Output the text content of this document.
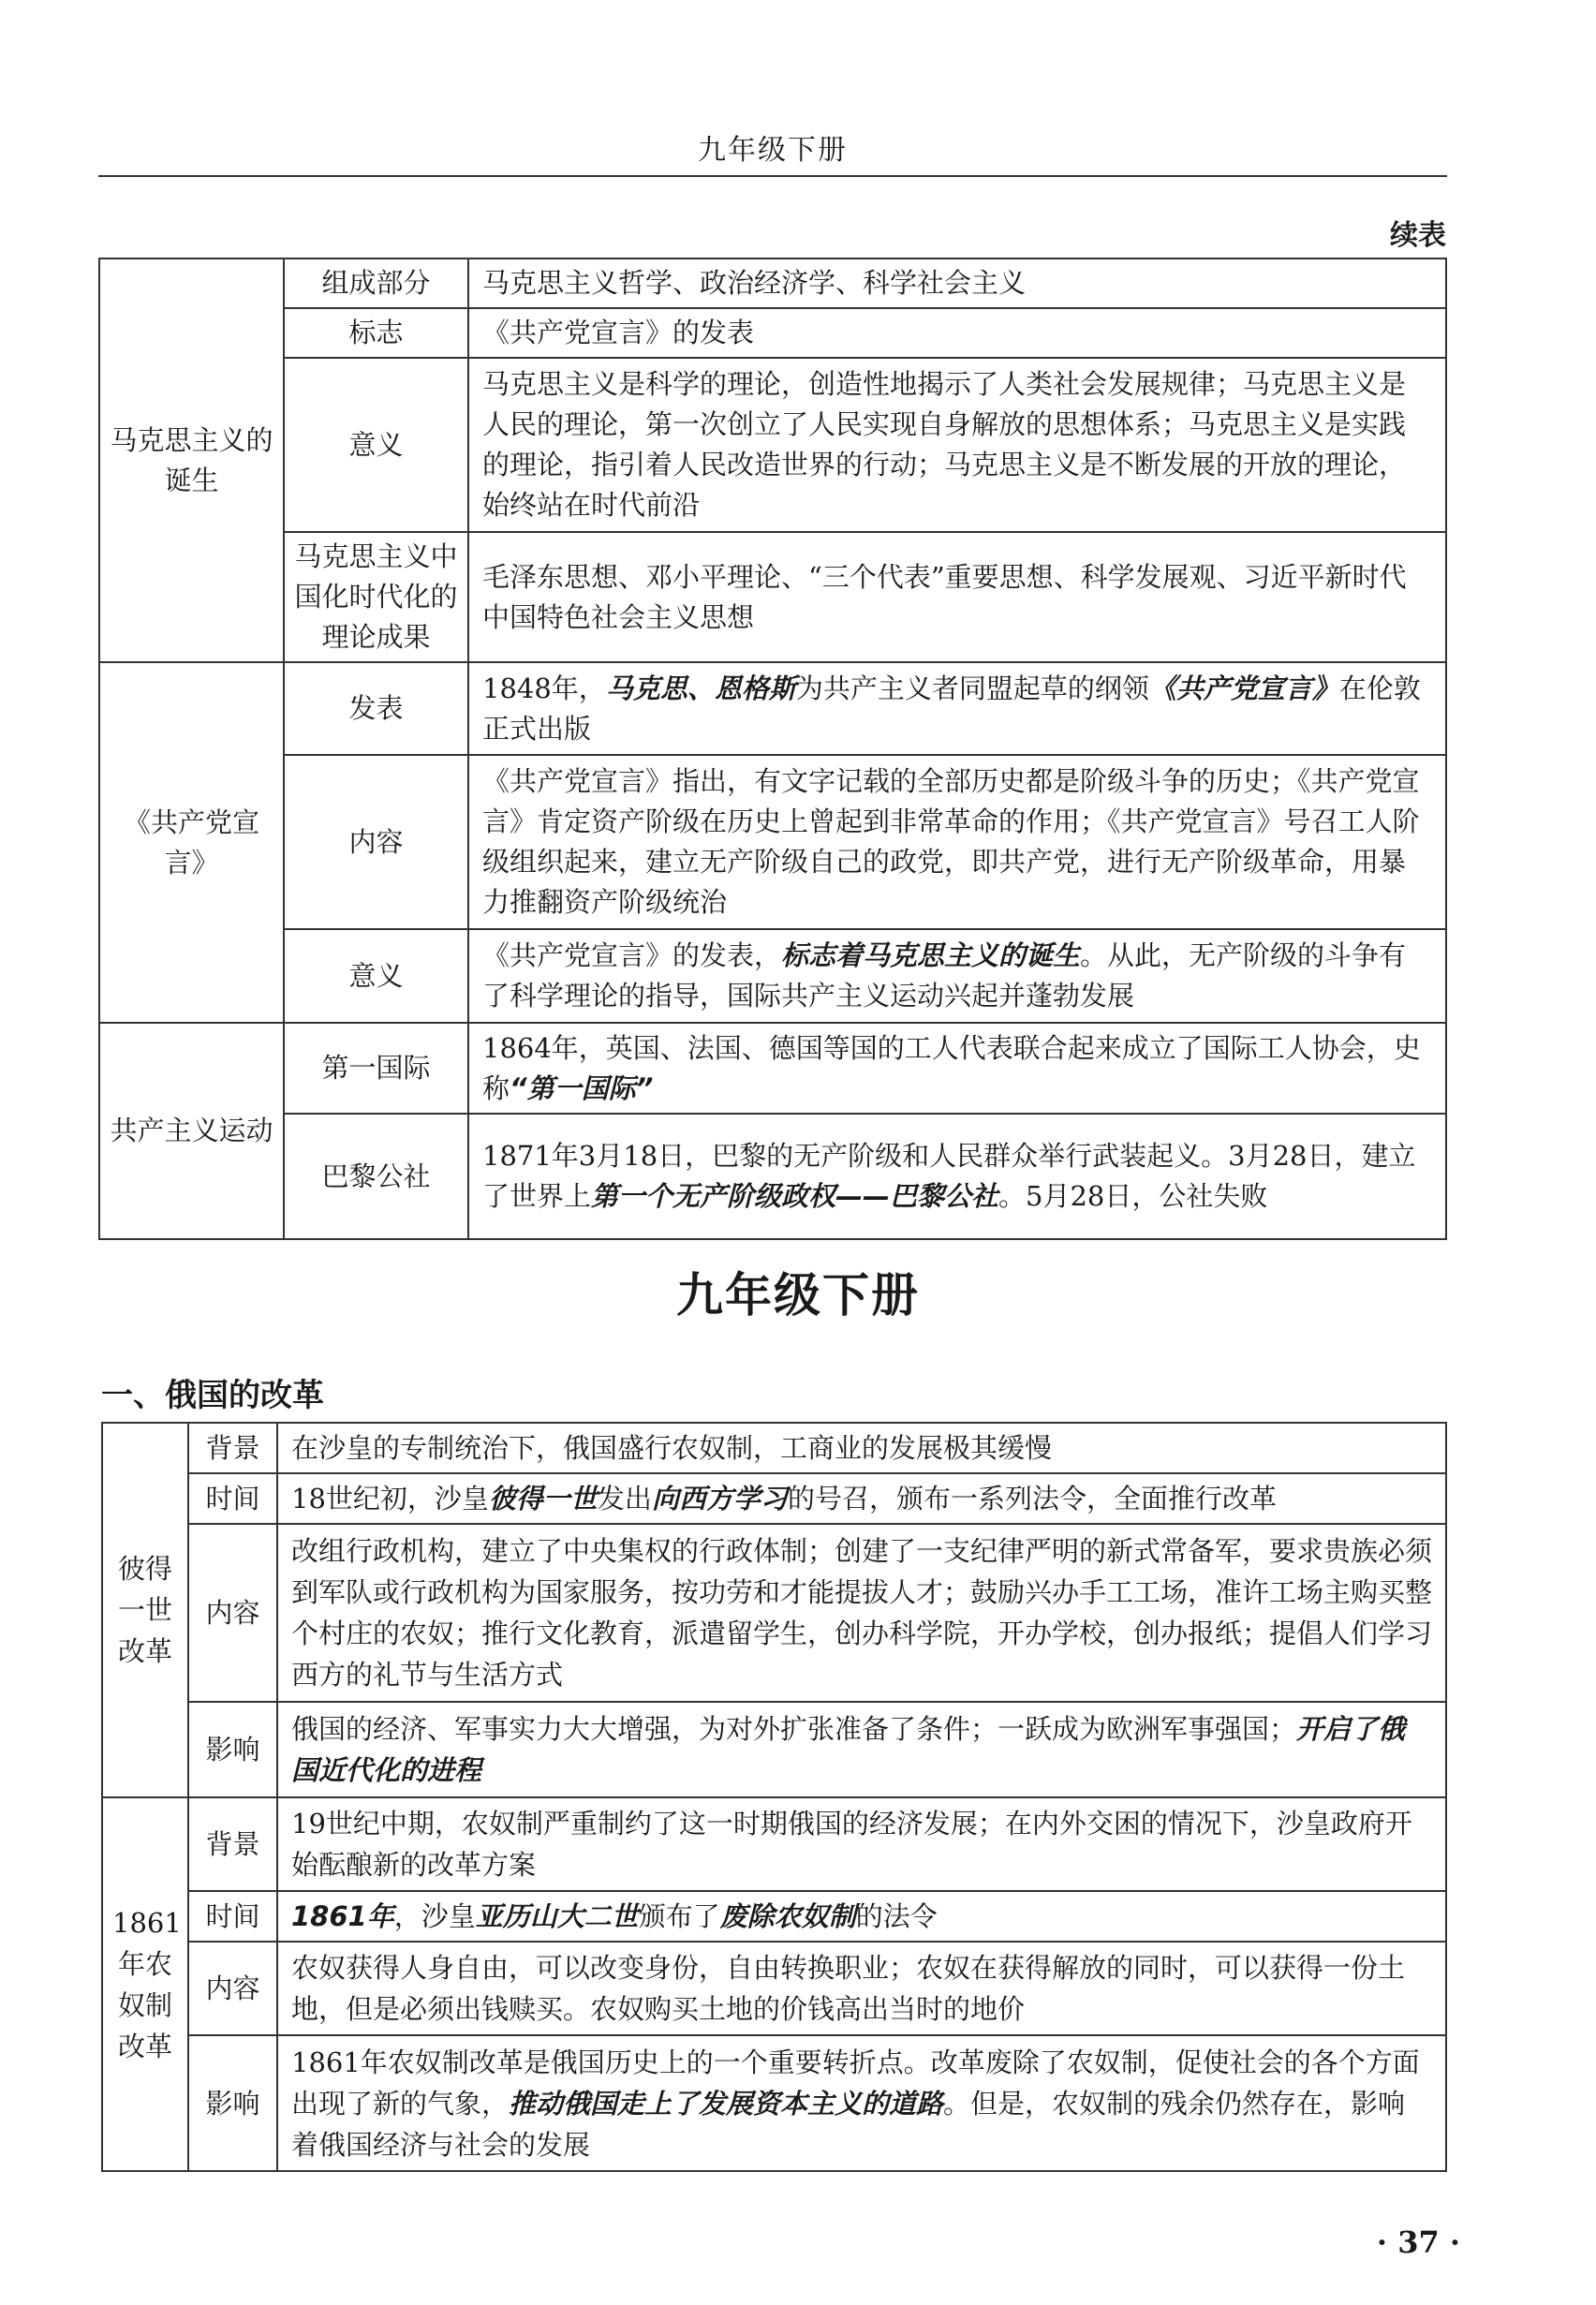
九年级下册
续表
马克思主义的诞生	组成部分	马克思主义哲学、政治经济学、科学社会主义
	标志	《共产党宣言》的发表
	意义	马克思主义是科学的理论，创造性地揭示了人类社会发展规律；马克思主义是人民的理论，第一次创立了人民实现自身解放的思想体系；马克思主义是实践的理论，指引着人民改造世界的行动；马克思主义是不断发展的开放的理论，始终站在时代前沿
	马克思主义中国化时代化的理论成果	毛泽东思想、邓小平理论、“三个代表”重要思想、科学发展观、习近平新时代中国特色社会主义思想
《共产党宣言》	发表	1848年，马克思、恩格斯为共产主义者同盟起草的纲领《共产党宣言》在伦敦正式出版
	内容	《共产党宣言》指出，有文字记载的全部历史都是阶级斗争的历史；《共产党宣言》肯定资产阶级在历史上曾起到非常革命的作用；《共产党宣言》号召工人阶级组织起来，建立无产阶级自己的政党，即共产党，进行无产阶级革命，用暴力推翻资产阶级统治
	意义	《共产党宣言》的发表，标志着马克思主义的诞生。从此，无产阶级的斗争有了科学理论的指导，国际共产主义运动兴起并蓬勃发展
共产主义运动	第一国际	1864年，英国、法国、德国等国的工人代表联合起来成立了国际工人协会，史称“第一国际”
	巴黎公社	1871年3月18日，巴黎的无产阶级和人民群众举行武装起义。3月28日，建立了世界上第一个无产阶级政权——巴黎公社。5月28日，公社失败
九年级下册
一、俄国的改革
彼得一世改革	背景	在沙皇的专制统治下，俄国盛行农奴制，工商业的发展极其缓慢
	时间	18世纪初，沙皇彼得一世发出向西方学习的号召，颁布一系列法令，全面推行改革
	内容	改组行政机构，建立了中央集权的行政体制；创建了一支纪律严明的新式常备军，要求贵族必须到军队或行政机构为国家服务，按功劳和才能提拔人才；鼓励兴办手工工场，准许工场主购买整个村庄的农奴；推行文化教育，派遣留学生，创办科学院，开办学校，创办报纸；提倡人们学习西方的礼节与生活方式
	影响	俄国的经济、军事实力大大增强，为对外扩张准备了条件；一跃成为欧洲军事强国；开启了俄国近代化的进程
1861年农奴制改革	背景	19世纪中期，农奴制严重制约了这一时期俄国的经济发展；在内外交困的情况下，沙皇政府开始酝酿新的改革方案
	时间	1861年，沙皇亚历山大二世颁布了废除农奴制的法令
	内容	农奴获得人身自由，可以改变身份，自由转换职业；农奴在获得解放的同时，可以获得一份土地，但是必须出钱赎买。农奴购买土地的价钱高出当时的地价
	影响	1861年农奴制改革是俄国历史上的一个重要转折点。改革废除了农奴制，促使社会的各个方面出现了新的气象，推动俄国走上了发展资本主义的道路。但是，农奴制的残余仍然存在，影响着俄国经济与社会的发展
· 37 ·
